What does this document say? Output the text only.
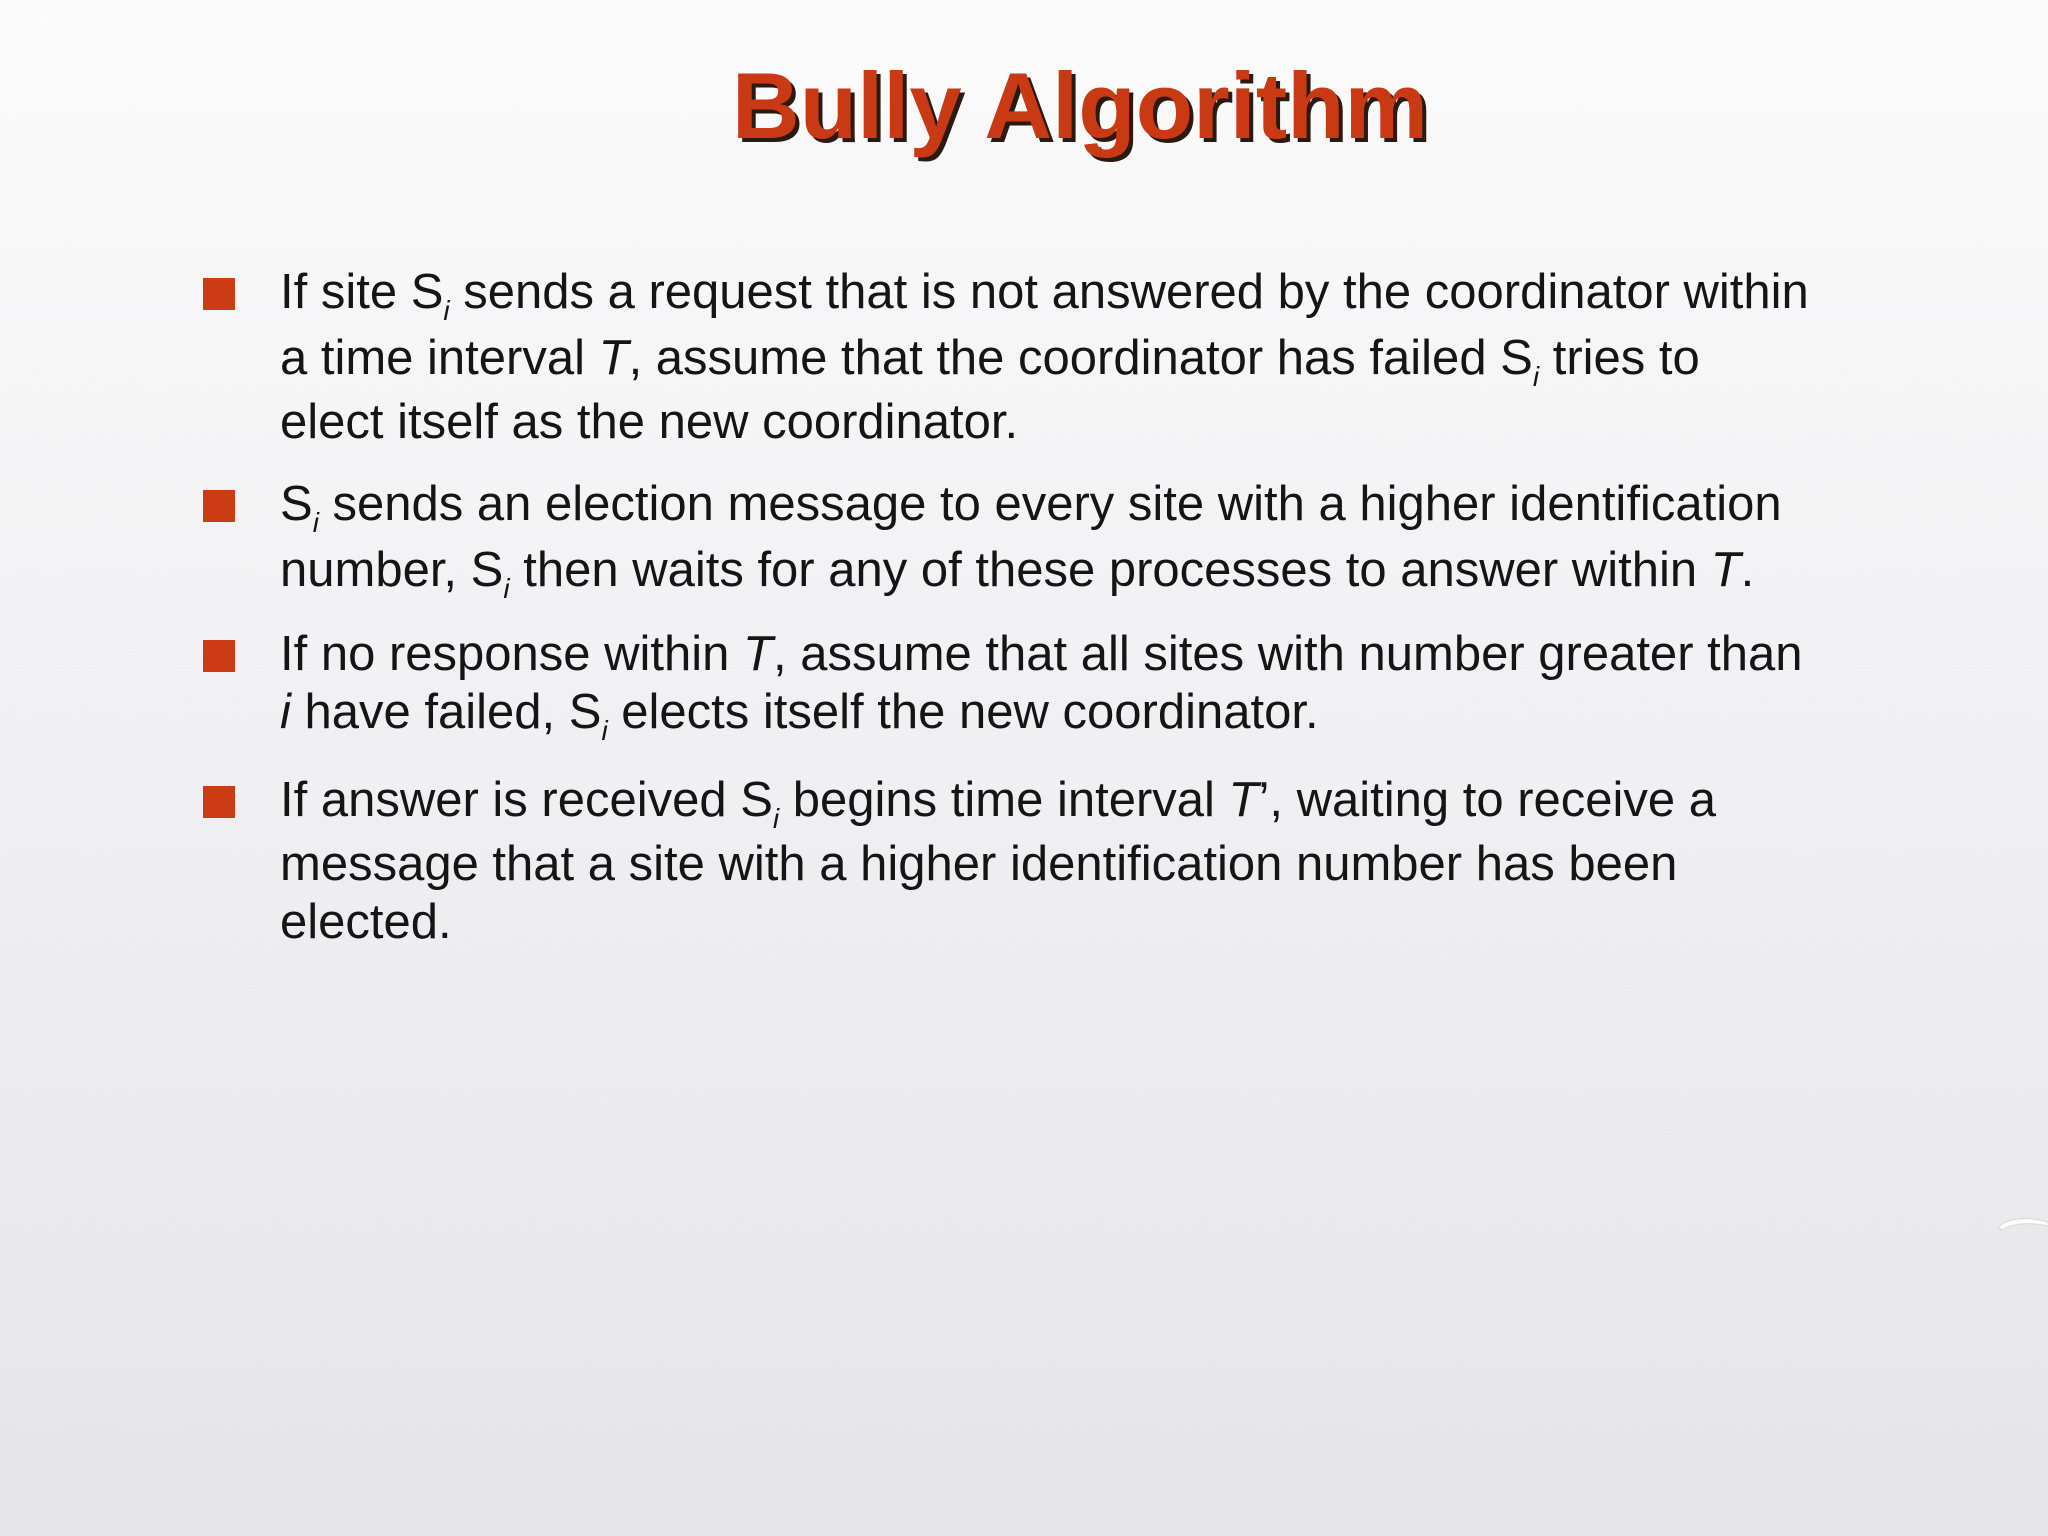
Bully Algorithm
If site $S_i$ sends a request that is not answered by the coordinator within
a time interval T, assume that the coordinator has failed $S_i$ tries to
elect itself as the new coordinator.
$S_i$ sends an election message to every site with a higher identification
number, $S_i$ then waits for any of these processes to answer within T.
If no response within T, assume that all sites with number greater than
i have failed, $S_i$ elects itself the new coordinator.
If answer is received $S_i$ begins time interval T’, waiting to receive a
message that a site with a higher identification number has been
elected.
